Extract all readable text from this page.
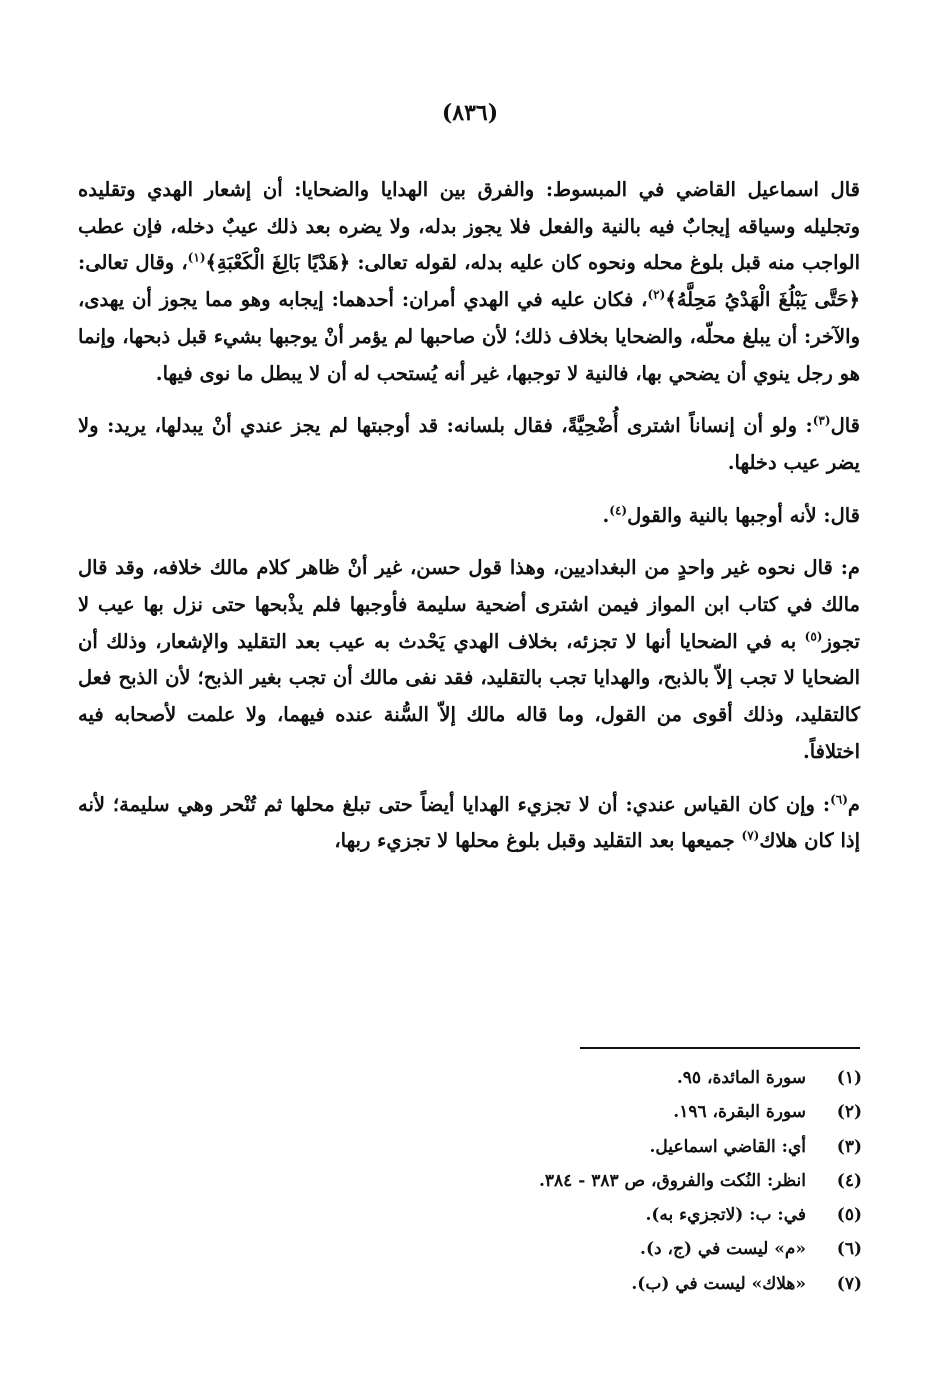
(٨٣٦)

قال اسماعيل القاضي في المبسوط: والفرق بين الهدايا والضحايا: أن إشعار الهدي وتقليده وتجليله وسياقه إيجابٌ فيه بالنية والفعل فلا يجوز بدله، ولا يضره بعد ذلك عيبٌ دخله، فإن عطب الواجب منه قبل بلوغ محله ونحوه كان عليه بدله، لقوله تعالى: ﴿هَدْيًا بَالِغَ الْكَعْبَةِ﴾$^{(١)}$، وقال تعالى: ﴿حَتَّى يَبْلُغَ الْهَدْيُ مَحِلَّهُ﴾$^{(٢)}$، فكان عليه في الهدي أمران: أحدهما: إيجابه وهو مما يجوز أن يهدى، والآخر: أن يبلغ محلّه، والضحايا بخلاف ذلك؛ لأن صاحبها لم يؤمر أنْ يوجبها بشيء قبل ذبحها، وإنما هو رجل ينوي أن يضحي بها، فالنية لا توجبها، غير أنه يُستحب له أن لا يبطل ما نوى فيها.

قال$^{(٣)}$: ولو أن إنساناً اشترى أُضْحِيَّةً، فقال بلسانه: قد أوجبتها لم يجز عندي أنْ يبدلها، يريد: ولا يضر عيب دخلها.

قال: لأنه أوجبها بالنية والقول$^{(٤)}$.

م: قال نحوه غير واحدٍ من البغداديين، وهذا قول حسن، غير أنْ ظاهر كلام مالك خلافه، وقد قال مالك في كتاب ابن المواز فيمن اشترى أضحية سليمة فأوجبها فلم يذْبحها حتى نزل بها عيب لا تجوز$^{(٥)}$ به في الضحايا أنها لا تجزئه، بخلاف الهدي يَحْدث به عيب بعد التقليد والإشعار، وذلك أن الضحايا لا تجب إلاّ بالذبح، والهدايا تجب بالتقليد، فقد نفى مالك أن تجب بغير الذبح؛ لأن الذبح فعل كالتقليد، وذلك أقوى من القول، وما قاله مالك إلاّ السُّنة عنده فيهما، ولا علمت لأصحابه فيه اختلافاً.

م$^{(٦)}$: وإن كان القياس عندي: أن لا تجزيء الهدايا أيضاً حتى تبلغ محلها ثم تُنْحر وهي سليمة؛ لأنه إذا كان هلاك$^{(٧)}$ جميعها بعد التقليد وقبل بلوغ محلها لا تجزيء ربها،

(١)
سورة المائدة، ٩٥.
(٢)
سورة البقرة، ١٩٦.
(٣)
أي: القاضي اسماعيل.
(٤)
انظر: النُكت والفروق، ص ٣٨٣ - ٣٨٤.
(٥)
في: ب: (لاتجزيء به).
(٦)
«م» ليست في (ج، د).
(٧)
«هلاك» ليست في (ب).
